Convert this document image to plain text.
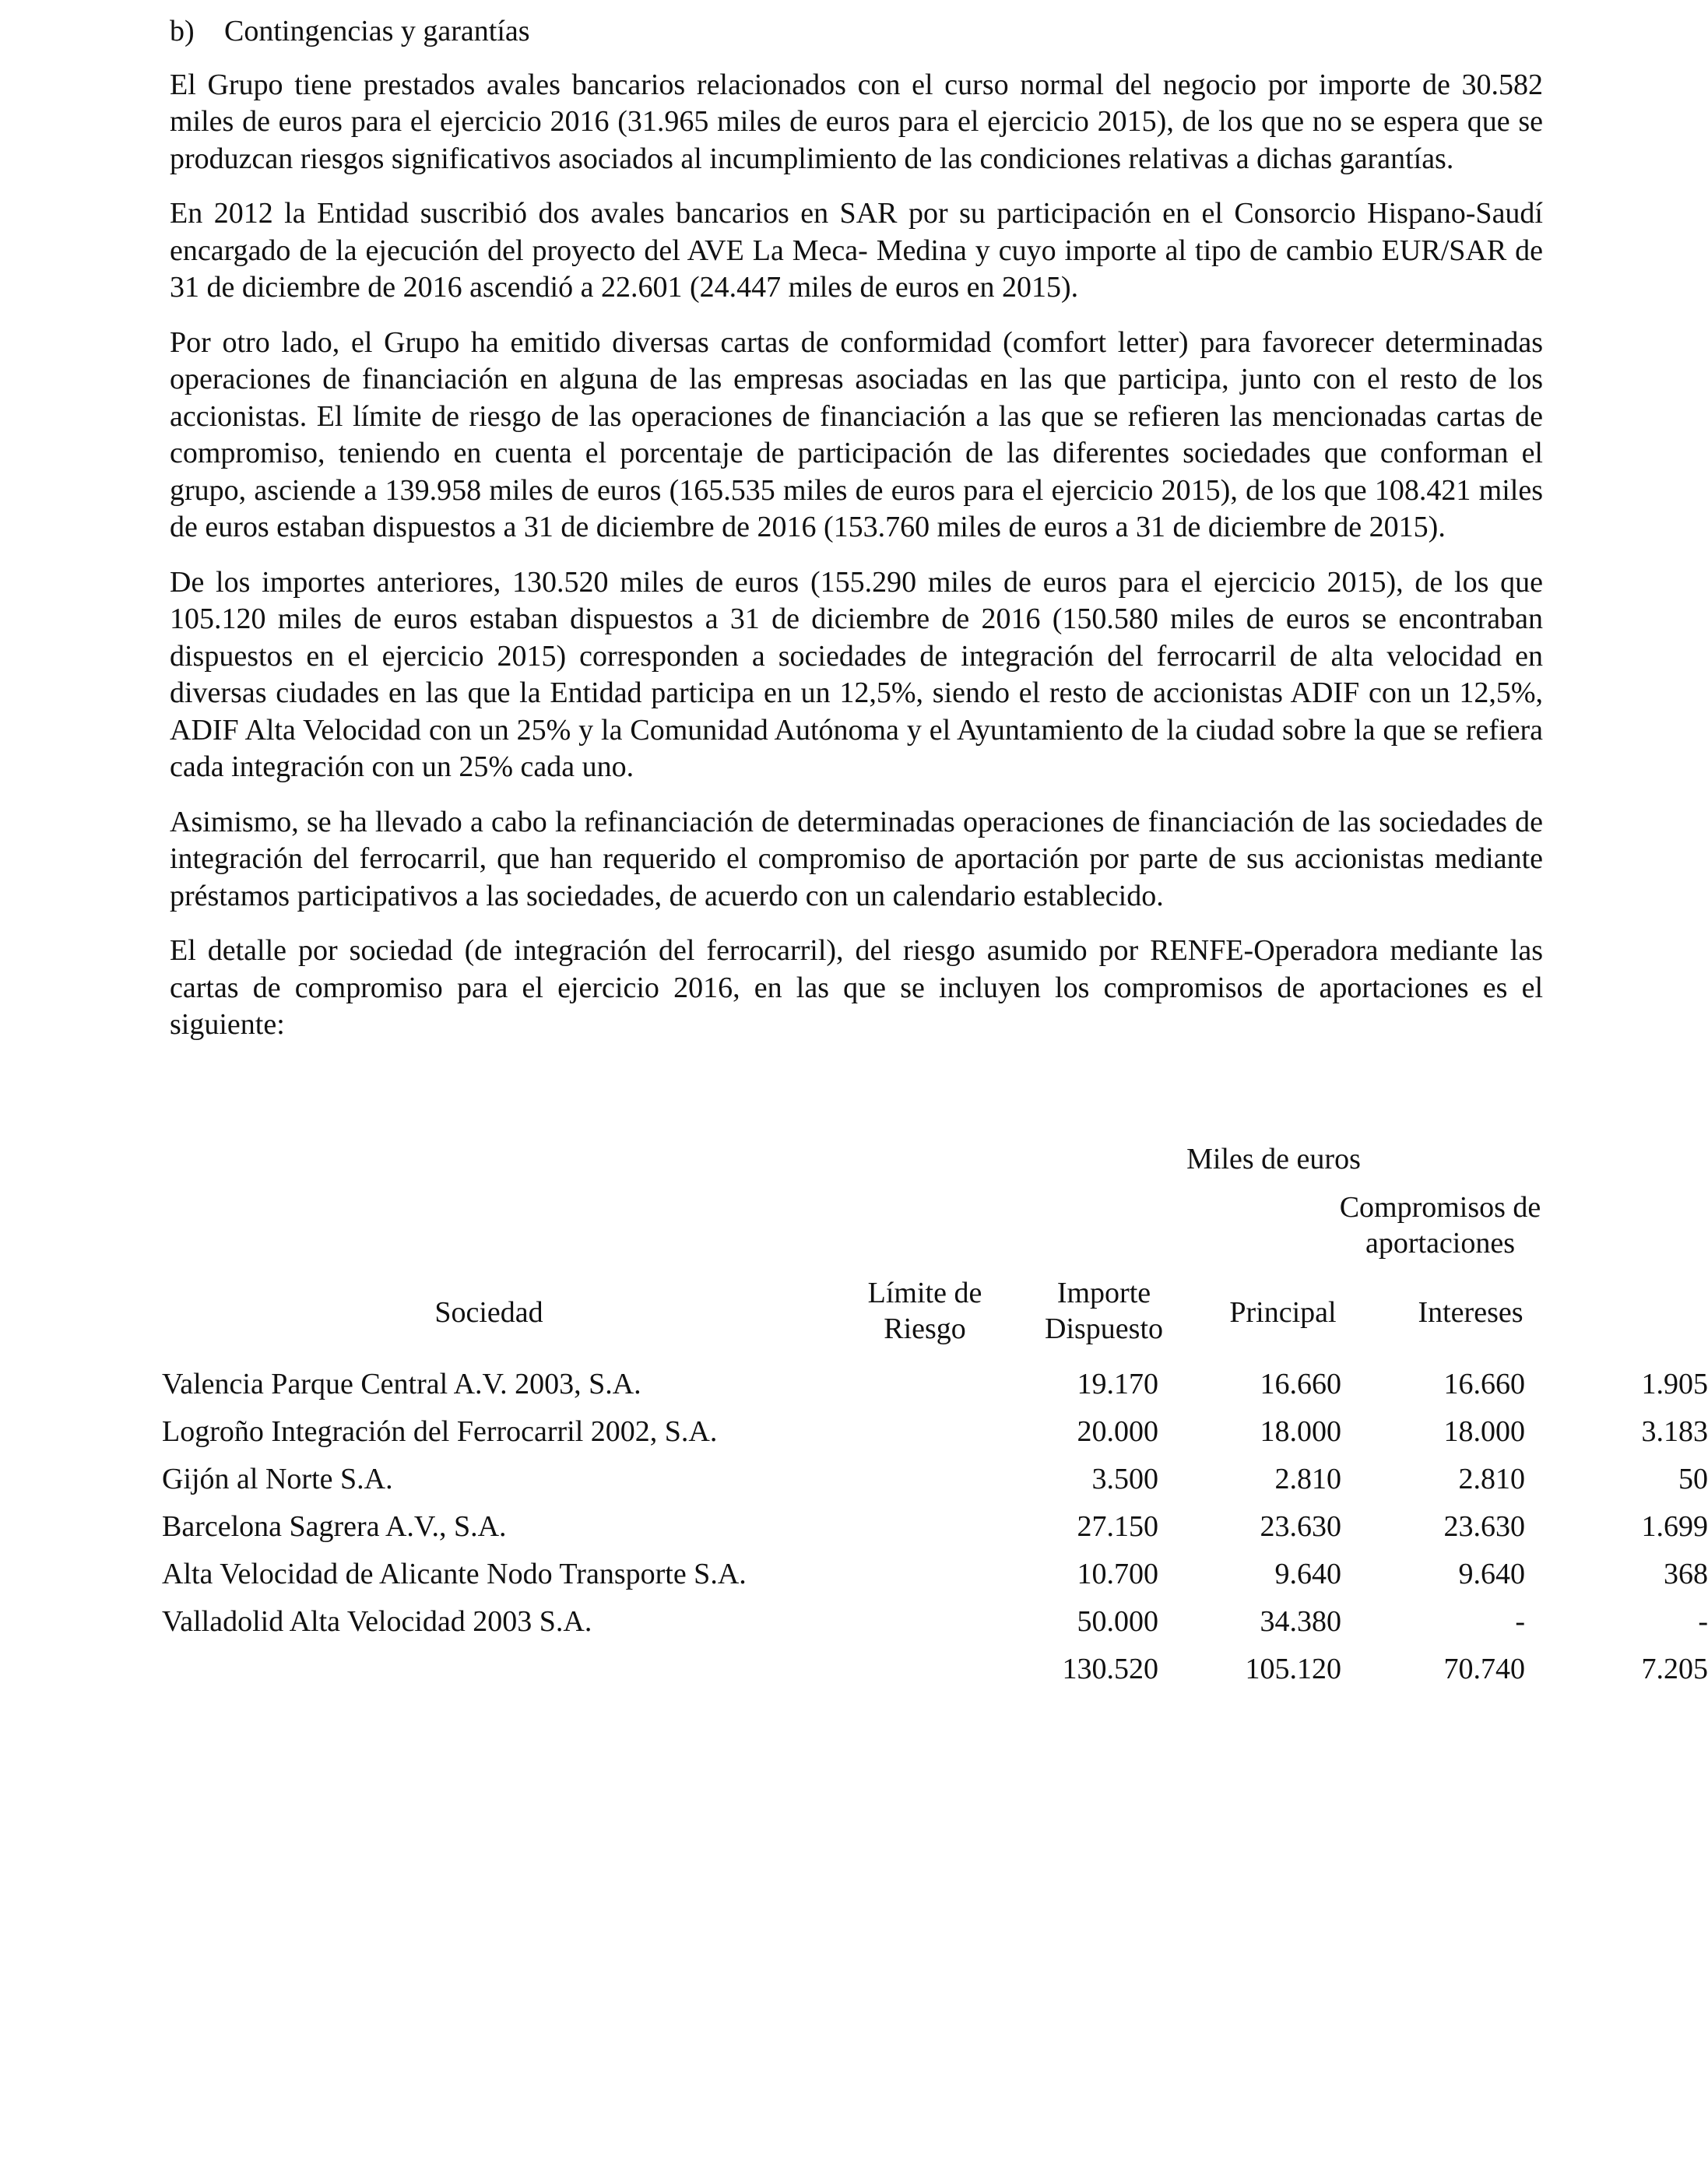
b) Contingencias y garantías

El Grupo tiene prestados avales bancarios relacionados con el curso normal del negocio por importe de 30.582 miles de euros para el ejercicio 2016 (31.965 miles de euros para el ejercicio 2015), de los que no se espera que se produzcan riesgos significativos asociados al incumplimiento de las condiciones relativas a dichas garantías.

En 2012 la Entidad suscribió dos avales bancarios en SAR por su participación en el Consorcio Hispano-Saudí encargado de la ejecución del proyecto del AVE La Meca- Medina y cuyo importe al tipo de cambio EUR/SAR de 31 de diciembre de 2016 ascendió a 22.601 (24.447 miles de euros en 2015).

Por otro lado, el Grupo ha emitido diversas cartas de conformidad (comfort letter) para favorecer determinadas operaciones de financiación en alguna de las empresas asociadas en las que participa, junto con el resto de los accionistas. El límite de riesgo de las operaciones de financiación a las que se refieren las mencionadas cartas de compromiso, teniendo en cuenta el porcentaje de participación de las diferentes sociedades que conforman el grupo, asciende a 139.958 miles de euros (165.535 miles de euros para el ejercicio 2015), de los que 108.421 miles de euros estaban dispuestos a 31 de diciembre de 2016 (153.760 miles de euros a 31 de diciembre de 2015).

De los importes anteriores, 130.520 miles de euros (155.290 miles de euros para el ejercicio 2015), de los que 105.120 miles de euros estaban dispuestos a 31 de diciembre de 2016 (150.580 miles de euros se encontraban dispuestos en el ejercicio 2015) corresponden a sociedades de integración del ferrocarril de alta velocidad en diversas ciudades en las que la Entidad participa en un 12,5%, siendo el resto de accionistas ADIF con un 12,5%, ADIF Alta Velocidad con un 25% y la Comunidad Autónoma y el Ayuntamiento de la ciudad sobre la que se refiera cada integración con un 25% cada uno.

Asimismo, se ha llevado a cabo la refinanciación de determinadas operaciones de financiación de las sociedades de integración del ferrocarril, que han requerido el compromiso de aportación por parte de sus accionistas mediante préstamos participativos a las sociedades, de acuerdo con un calendario establecido.

El detalle por sociedad (de integración del ferrocarril), del riesgo asumido por RENFE-Operadora mediante las cartas de compromiso para el ejercicio 2016, en las que se incluyen los compromisos de aportaciones es el siguiente:

Miles de euros
Compromisos de aportaciones
Sociedad
Límite de Riesgo
Importe Dispuesto	Principal	Intereses
Valencia Parque Central A.V. 2003, S.A.	19.170	16.660	16.660	1.905
Logroño Integración del Ferrocarril 2002, S.A.	20.000	18.000	18.000	3.183
Gijón al Norte S.A.	3.500	2.810	2.810	50
Barcelona Sagrera A.V., S.A.	27.150	23.630	23.630	1.699
Alta Velocidad de Alicante Nodo Transporte S.A.	10.700	9.640	9.640	368
Valladolid Alta Velocidad 2003 S.A.	50.000	34.380	-	-
130.520	105.120	70.740	7.205
